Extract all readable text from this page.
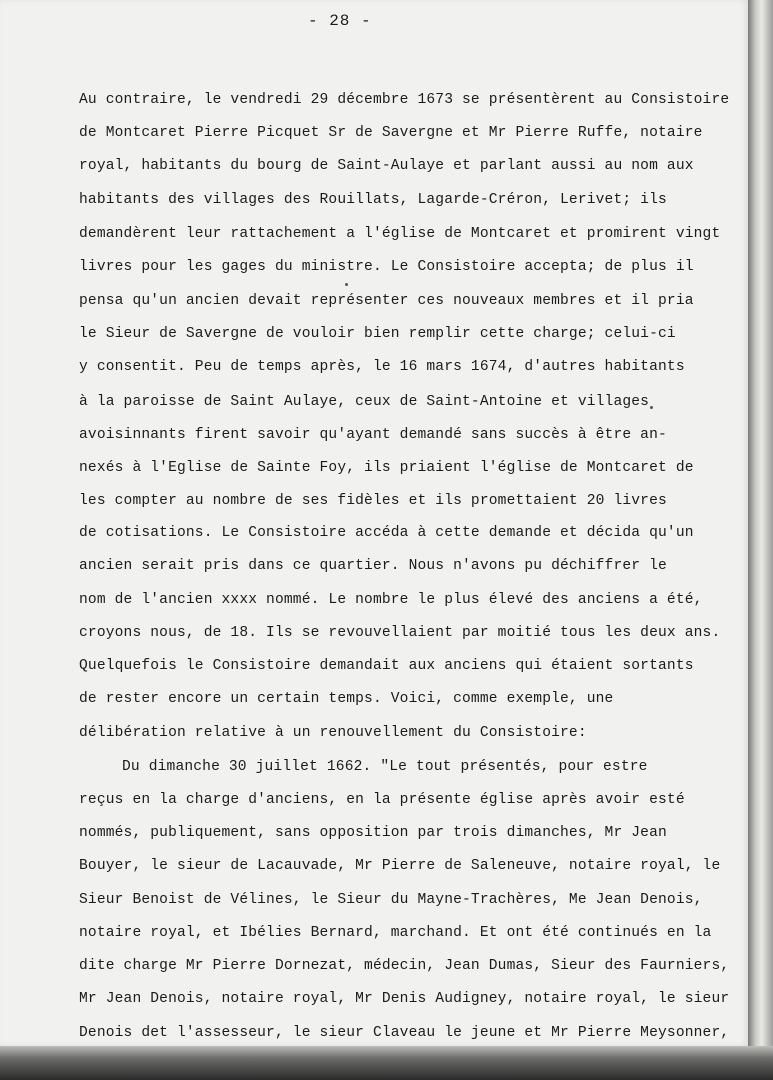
- 28 -
Au contraire, le vendredi 29 décembre 1673 se présentèrent au Consistoire
de Montcaret Pierre Picquet Sr de Savergne et Mr Pierre Ruffe, notaire
royal, habitants du bourg de Saint-Aulaye et parlant aussi au nom aux
habitants des villages des Rouillats, Lagarde-Créron, Lerivet; ils
demandèrent leur rattachement a l'église de Montcaret et promirent vingt
livres pour les gages du ministre. Le Consistoire accepta; de plus il
pensa qu'un ancien devait représenter ces nouveaux membres et il pria
le Sieur de Savergne de vouloir bien remplir cette charge; celui-ci
y consentit. Peu de temps après, le 16 mars 1674, d'autres habitants
à la paroisse de Saint Aulaye, ceux de Saint-Antoine et villages
avoisinnants firent savoir qu'ayant demandé sans succès à être an-
nexés à l'Eglise de Sainte Foy, ils priaient l'église de Montcaret de
les compter au nombre de ses fidèles et ils promettaient 20 livres
de cotisations. Le Consistoire accéda à cette demande et décida qu'un
ancien serait pris dans ce quartier. Nous n'avons pu déchiffrer le
nom de l'ancien xxxx nommé. Le nombre le plus élevé des anciens a été,
croyons nous, de 18. Ils se revouvellaient par moitié tous les deux ans.
Quelquefois le Consistoire demandait aux anciens qui étaient sortants
de rester encore un certain temps. Voici, comme exemple, une
délibération relative à un renouvellement du Consistoire:
Du dimanche 30 juillet 1662. "Le tout présentés, pour estre
reçus en la charge d'anciens, en la présente église après avoir esté
nommés, publiquement, sans opposition par trois dimanches, Mr Jean
Bouyer, le sieur de Lacauvade, Mr Pierre de Saleneuve, notaire royal, le
Sieur Benoist de Vélines, le Sieur du Mayne-Trachères, Me Jean Denois,
notaire royal, et Ibélies Bernard, marchand. Et ont été continués en la
dite charge Mr Pierre Dornezat, médecin, Jean Dumas, Sieur des Faurniers,
Mr Jean Denois, notaire royal, Mr Denis Audigney, notaire royal, le sieur
Denois det l'assesseur, le sieur Claveau le jeune et Mr Pierre Meysonner,
